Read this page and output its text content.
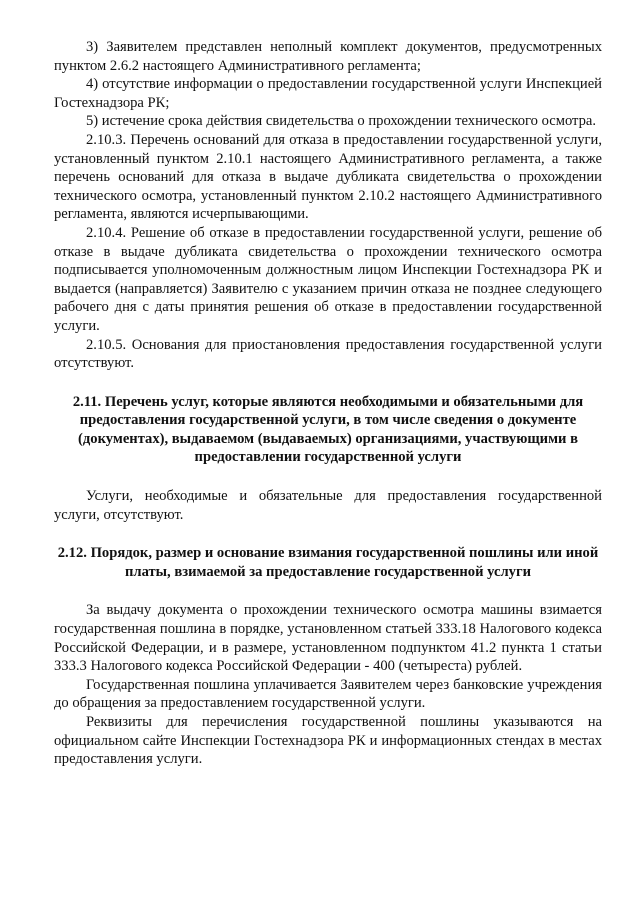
3) Заявителем представлен неполный комплект документов, предусмотренных пунктом 2.6.2 настоящего Административного регламента;

4) отсутствие информации о предоставлении государственной услуги Инспекцией Гостехнадзора РК;

5) истечение срока действия свидетельства о прохождении технического осмотра.

2.10.3. Перечень оснований для отказа в предоставлении государственной услуги, установленный пунктом 2.10.1 настоящего Административного регламента, а также перечень оснований для отказа в выдаче дубликата свидетельства о прохождении технического осмотра, установленный пунктом 2.10.2 настоящего Административного регламента, являются исчерпывающими.

2.10.4. Решение об отказе в предоставлении государственной услуги, решение об отказе в выдаче дубликата свидетельства о прохождении технического осмотра подписывается уполномоченным должностным лицом Инспекции Гостехнадзора РК и выдается (направляется) Заявителю с указанием причин отказа не позднее следующего рабочего дня с даты принятия решения об отказе в предоставлении государственной услуги.

2.10.5. Основания для приостановления предоставления государственной услуги отсутствуют.

2.11. Перечень услуг, которые являются необходимыми и обязательными для предоставления государственной услуги, в том числе сведения о документе (документах), выдаваемом (выдаваемых) организациями, участвующими в предоставлении государственной услуги

Услуги, необходимые и обязательные для предоставления государственной услуги, отсутствуют.

2.12. Порядок, размер и основание взимания государственной пошлины или иной платы, взимаемой за предоставление государственной услуги

За выдачу документа о прохождении технического осмотра машины взимается государственная пошлина в порядке, установленном статьей 333.18 Налогового кодекса Российской Федерации, и в размере, установленном подпунктом 41.2 пункта 1 статьи 333.3 Налогового кодекса Российской Федерации - 400 (четыреста) рублей.

Государственная пошлина уплачивается Заявителем через банковские учреждения до обращения за предоставлением государственной услуги.

Реквизиты для перечисления государственной пошлины указываются на официальном сайте Инспекции Гостехнадзора РК и информационных стендах в местах предоставления услуги.
